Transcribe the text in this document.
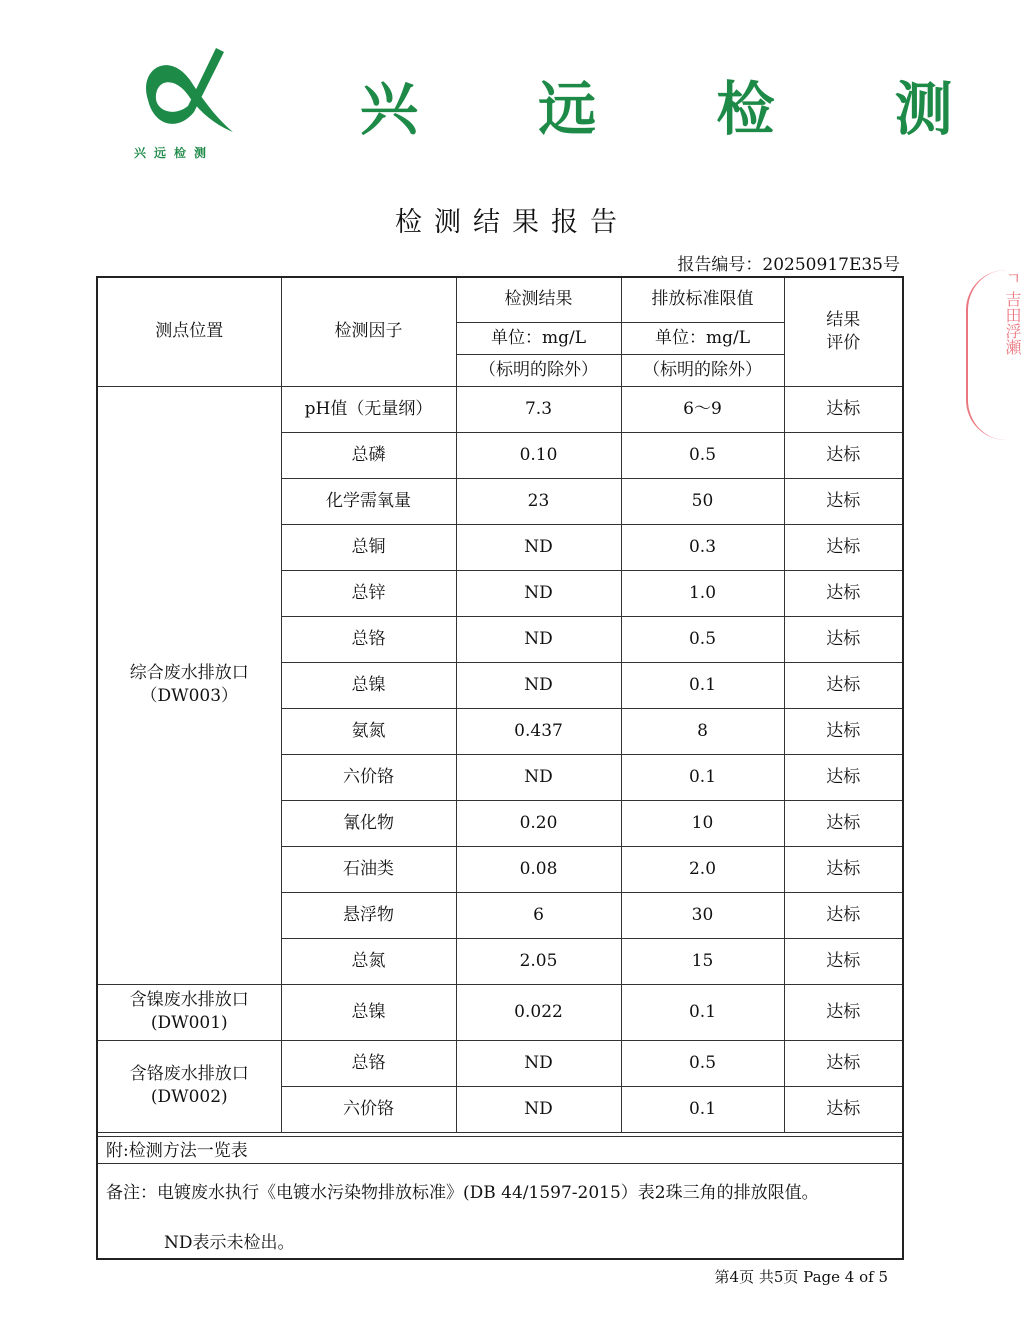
兴远检测
兴 远 检 测
检测结果报告
报告编号：20250917E35号
ㄱ 吉田浮瀬
测点位置	检测因子	检测结果	排放标准限值	结果
评价

		单位：mg/L	单位：mg/L	
		（标明的除外）	（标明的除外）	

综合废水排放口
（DW003）	pH值（无量纲）	7.3	6～9	达标
	总磷	0.10	0.5	达标
	化学需氧量	23	50	达标
	总铜	ND	0.3	达标
	总锌	ND	1.0	达标
	总铬	ND	0.5	达标
	总镍	ND	0.1	达标
	氨氮	0.437	8	达标
	六价铬	ND	0.1	达标
	氰化物	0.20	10	达标
	石油类	0.08	2.0	达标
	悬浮物	6	30	达标
	总氮	2.05	15	达标

含镍废水排放口
(DW001)	总镍	0.022	0.1	达标

含铬废水排放口
(DW002)	总铬	ND	0.5	达标
	六价铬	ND	0.1	达标
附:检测方法一览表
备注：电镀废水执行《电镀水污染物排放标准》(DB 44/1597-2015）表2珠三角的排放限值。
ND表示未检出。
第4页 共5页 Page 4 of 5
